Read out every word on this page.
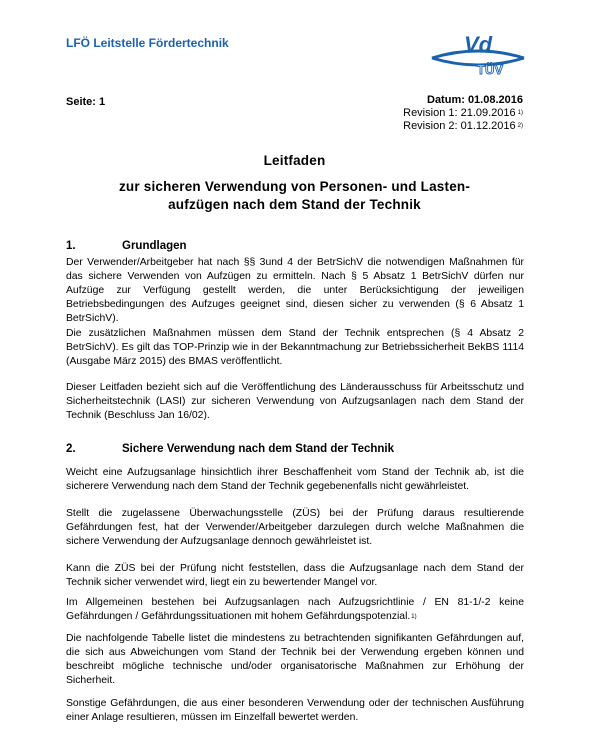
LFÖ Leitstelle Fördertechnik	Vd
TÜV
Seite: 1	Datum: 01.08.2016
Revision 1: 21.09.2016 $^{1)}$
Revision 2: 01.12.2016 $^{2)}$
Leitfaden
zur sicheren Verwendung von Personen- und Lasten-
aufzügen nach dem Stand der Technik
1.	Grundlagen
Der Verwender/Arbeitgeber hat nach §§ 3und 4 der BetrSichV die notwendigen Maßnahmen für das sichere Verwenden von Aufzügen zu ermitteln. Nach § 5 Absatz 1 BetrSichV dürfen nur Aufzüge zur Verfügung gestellt werden, die unter Berücksichtigung der jeweiligen Betriebsbedingungen des Aufzuges geeignet sind, diesen sicher zu verwenden (§ 6 Absatz 1 BetrSichV).
Die zusätzlichen Maßnahmen müssen dem Stand der Technik entsprechen (§ 4 Absatz 2 BetrSichV). Es gilt das TOP-Prinzip wie in der Bekanntmachung zur Betriebssicherheit BekBS 1114 (Ausgabe März 2015) des BMAS veröffentlicht.
Dieser Leitfaden bezieht sich auf die Veröffentlichung des Länderausschuss für Arbeitsschutz und Sicherheitstechnik (LASI) zur sicheren Verwendung von Aufzugsanlagen nach dem Stand der Technik (Beschluss Jan 16/02).
2.	Sichere Verwendung nach dem Stand der Technik
Weicht eine Aufzugsanlage hinsichtlich ihrer Beschaffenheit vom Stand der Technik ab, ist die sicherere Verwendung nach dem Stand der Technik gegebenenfalls nicht gewährleistet.
Stellt die zugelassene Überwachungsstelle (ZÜS) bei der Prüfung daraus resultierende Gefährdungen fest, hat der Verwender/Arbeitgeber darzulegen durch welche Maßnahmen die sichere Verwendung der Aufzugsanlage dennoch gewährleistet ist.
Kann die ZÜS bei der Prüfung nicht feststellen, dass die Aufzugsanlage nach dem Stand der Technik sicher verwendet wird, liegt ein zu bewertender Mangel vor.
Im Allgemeinen bestehen bei Aufzugsanlagen nach Aufzugsrichtlinie / EN 81-1/-2 keine Gefährdungen / Gefährdungssituationen mit hohem Gefährdungspotenzial.$^{1)}$
Die nachfolgende Tabelle listet die mindestens zu betrachtenden signifikanten Gefährdungen auf, die sich aus Abweichungen vom Stand der Technik bei der Verwendung ergeben können und beschreibt mögliche technische und/oder organisatorische Maßnahmen zur Erhöhung der Sicherheit.
Sonstige Gefährdungen, die aus einer besonderen Verwendung oder der technischen Ausführung einer Anlage resultieren, müssen im Einzelfall bewertet werden.
